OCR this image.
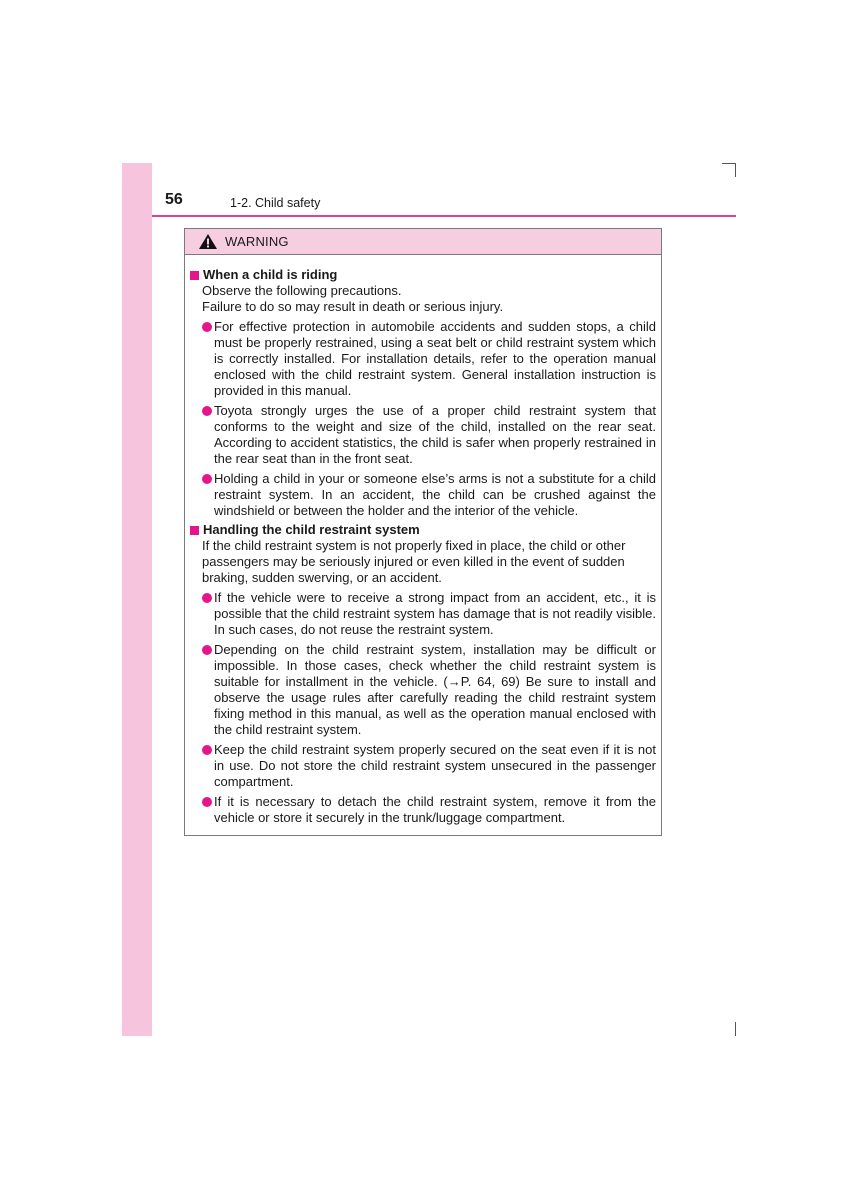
56	1-2. Child safety
WARNING
When a child is riding
Observe the following precautions.
Failure to do so may result in death or serious injury.
For effective protection in automobile accidents and sudden stops, a child must be properly restrained, using a seat belt or child restraint system which is correctly installed. For installation details, refer to the operation manual enclosed with the child restraint system. General installation instruction is provided in this manual.
Toyota strongly urges the use of a proper child restraint system that conforms to the weight and size of the child, installed on the rear seat. According to accident statistics, the child is safer when properly restrained in the rear seat than in the front seat.
Holding a child in your or someone else’s arms is not a substitute for a child restraint system. In an accident, the child can be crushed against the windshield or between the holder and the interior of the vehicle.
Handling the child restraint system
If the child restraint system is not properly fixed in place, the child or other passengers may be seriously injured or even killed in the event of sudden braking, sudden swerving, or an accident.
If the vehicle were to receive a strong impact from an accident, etc., it is possible that the child restraint system has damage that is not readily visible. In such cases, do not reuse the restraint system.
Depending on the child restraint system, installation may be difficult or impossible. In those cases, check whether the child restraint system is suitable for installment in the vehicle. (→P. 64, 69) Be sure to install and observe the usage rules after carefully reading the child restraint system fixing method in this manual, as well as the operation manual enclosed with the child restraint system.
Keep the child restraint system properly secured on the seat even if it is not in use. Do not store the child restraint system unsecured in the passenger compartment.
If it is necessary to detach the child restraint system, remove it from the vehicle or store it securely in the trunk/luggage compartment.
